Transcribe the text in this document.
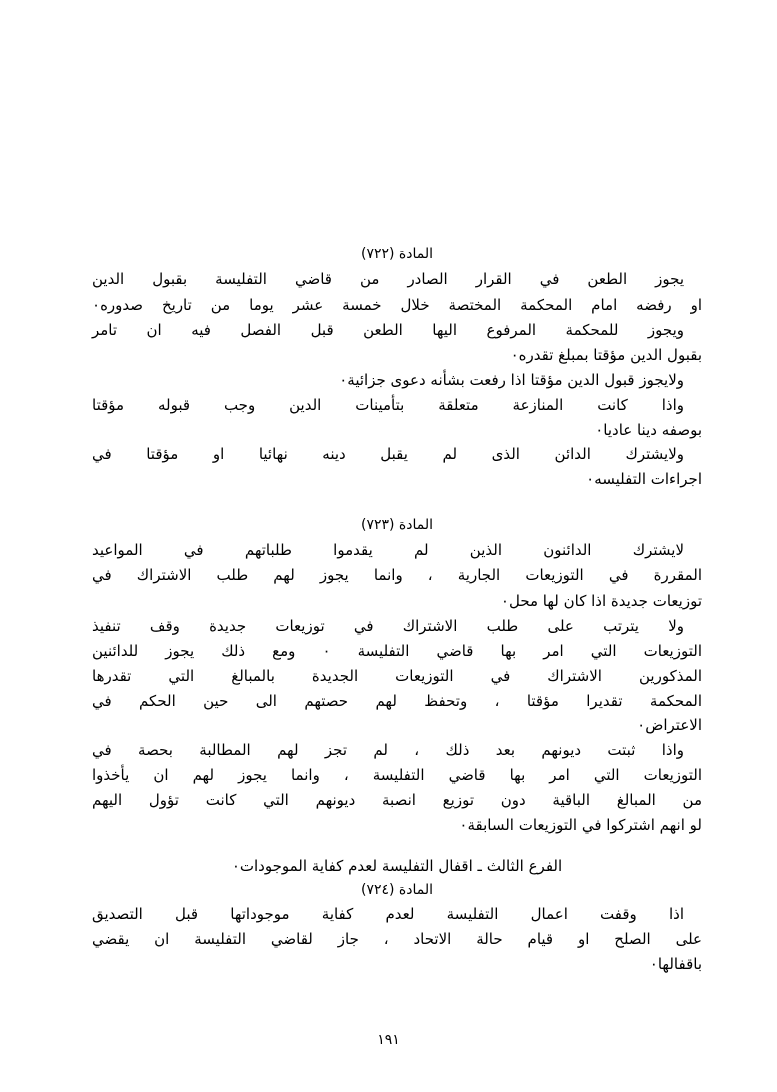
المادة (٧٢٢)

يجوز الطعن في القرار الصادر من قاضي التفليسة بقبول الدين

او رفضه امام المحكمة المختصة خلال خمسة عشر يوما من تاريخ صدوره٠

ويجوز للمحكمة المرفوع اليها الطعن قبل الفصل فيه ان تامر

بقبول الدين مؤقتا بمبلغ تقدره٠

ولايجوز قبول الدين مؤقتا اذا رفعت بشأنه دعوى جزائية٠

واذا كانت المنازعة متعلقة بتأمينات الدين وجب قبوله مؤقتا

بوصفه دينا عاديا٠

ولايشترك الدائن الذى لم يقبل دينه نهائيا او مؤقتا في

اجراءات التفليسه٠

المادة (٧٢٣)

لايشترك الدائنون الذين لم يقدموا طلباتهم في المواعيد

المقررة في التوزيعات الجارية ، وانما يجوز لهم طلب الاشتراك في

توزيعات جديدة اذا كان لها محل٠

ولا يترتب على طلب الاشتراك في توزيعات جديدة وقف تنفيذ

التوزيعات التي امر بها قاضي التفليسة ٠ ومع ذلك يجوز للدائنين

المذكورين الاشتراك في التوزيعات الجديدة بالمبالغ التي تقدرها

المحكمة تقديرا مؤقتا ، وتحفظ لهم حصتهم الى حين الحكم في

الاعتراض٠

واذا ثبتت ديونهم بعد ذلك ، لم تجز لهم المطالبة بحصة في

التوزيعات التي امر بها قاضي التفليسة ، وانما يجوز لهم ان يأخذوا

من المبالغ الباقية دون توزيع انصبة ديونهم التي كانت تؤول اليهم

لو انهم اشتركوا في التوزيعات السابقة٠

الفرع الثالث ـ اقفال التفليسة لعدم كفاية الموجودات٠

المادة (٧٢٤)

اذا وقفت اعمال التفليسة لعدم كفاية موجوداتها قبل التصديق

على الصلح او قيام حالة الاتحاد ، جاز لقاضي التفليسة ان يقضي

باقفالها٠

١٩١
